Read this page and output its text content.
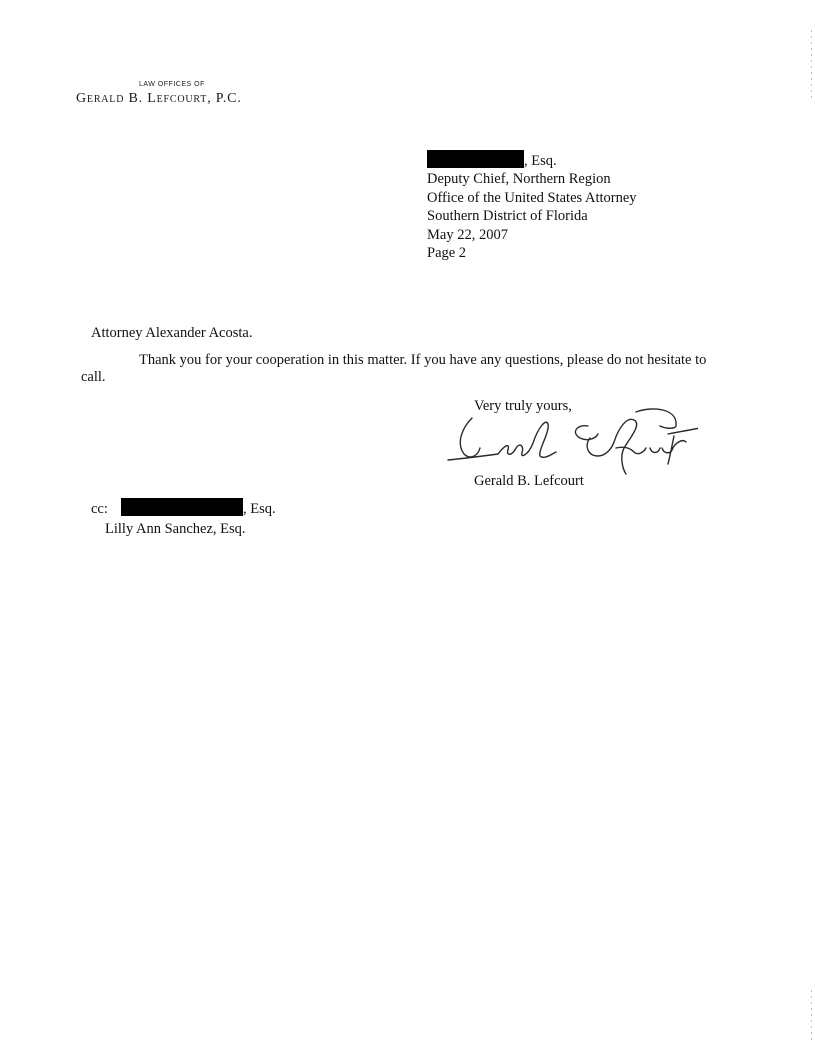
LAW OFFICES OF
Gerald B. Lefcourt, P.C.
, Esq.
Deputy Chief, Northern Region
Office of the United States Attorney
Southern District of Florida
May 22, 2007
Page 2
Attorney Alexander Acosta.
Thank you for your cooperation in this matter. If you have any questions, please do not hesitate to call.
Very truly yours,
Gerald B. Lefcourt
cc:	, Esq.
Lilly Ann Sanchez, Esq.
